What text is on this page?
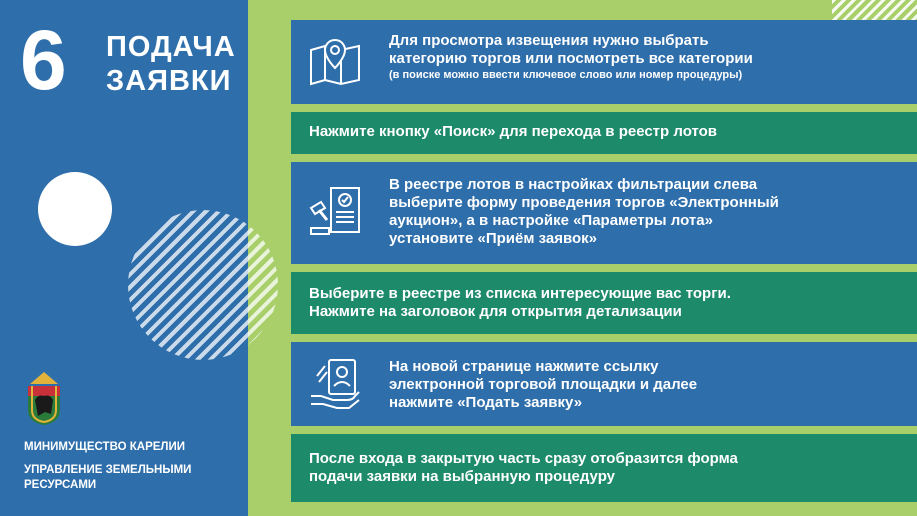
6 ПОДАЧА
ЗАЯВКИ
МИНИМУЩЕСТВО КАРЕЛИИ
УПРАВЛЕНИЕ ЗЕМЕЛЬНЫМИ
РЕСУРСАМИ
Для просмотра извещения нужно выбрать
категорию торгов или посмотреть все категории
(в поиске можно ввести ключевое слово или номер процедуры)
Нажмите кнопку «Поиск» для перехода в реестр лотов
В реестре лотов в настройках фильтрации слева
выберите форму проведения торгов «Электронный
аукцион», а в настройке «Параметры лота»
установите «Приём заявок»
Выберите в реестре из списка интересующие вас торги.
Нажмите на заголовок для открытия детализации
На новой странице нажмите ссылку
электронной торговой площадки и далее
нажмите «Подать заявку»
После входа в закрытую часть сразу отобразится форма
подачи заявки на выбранную процедуру
